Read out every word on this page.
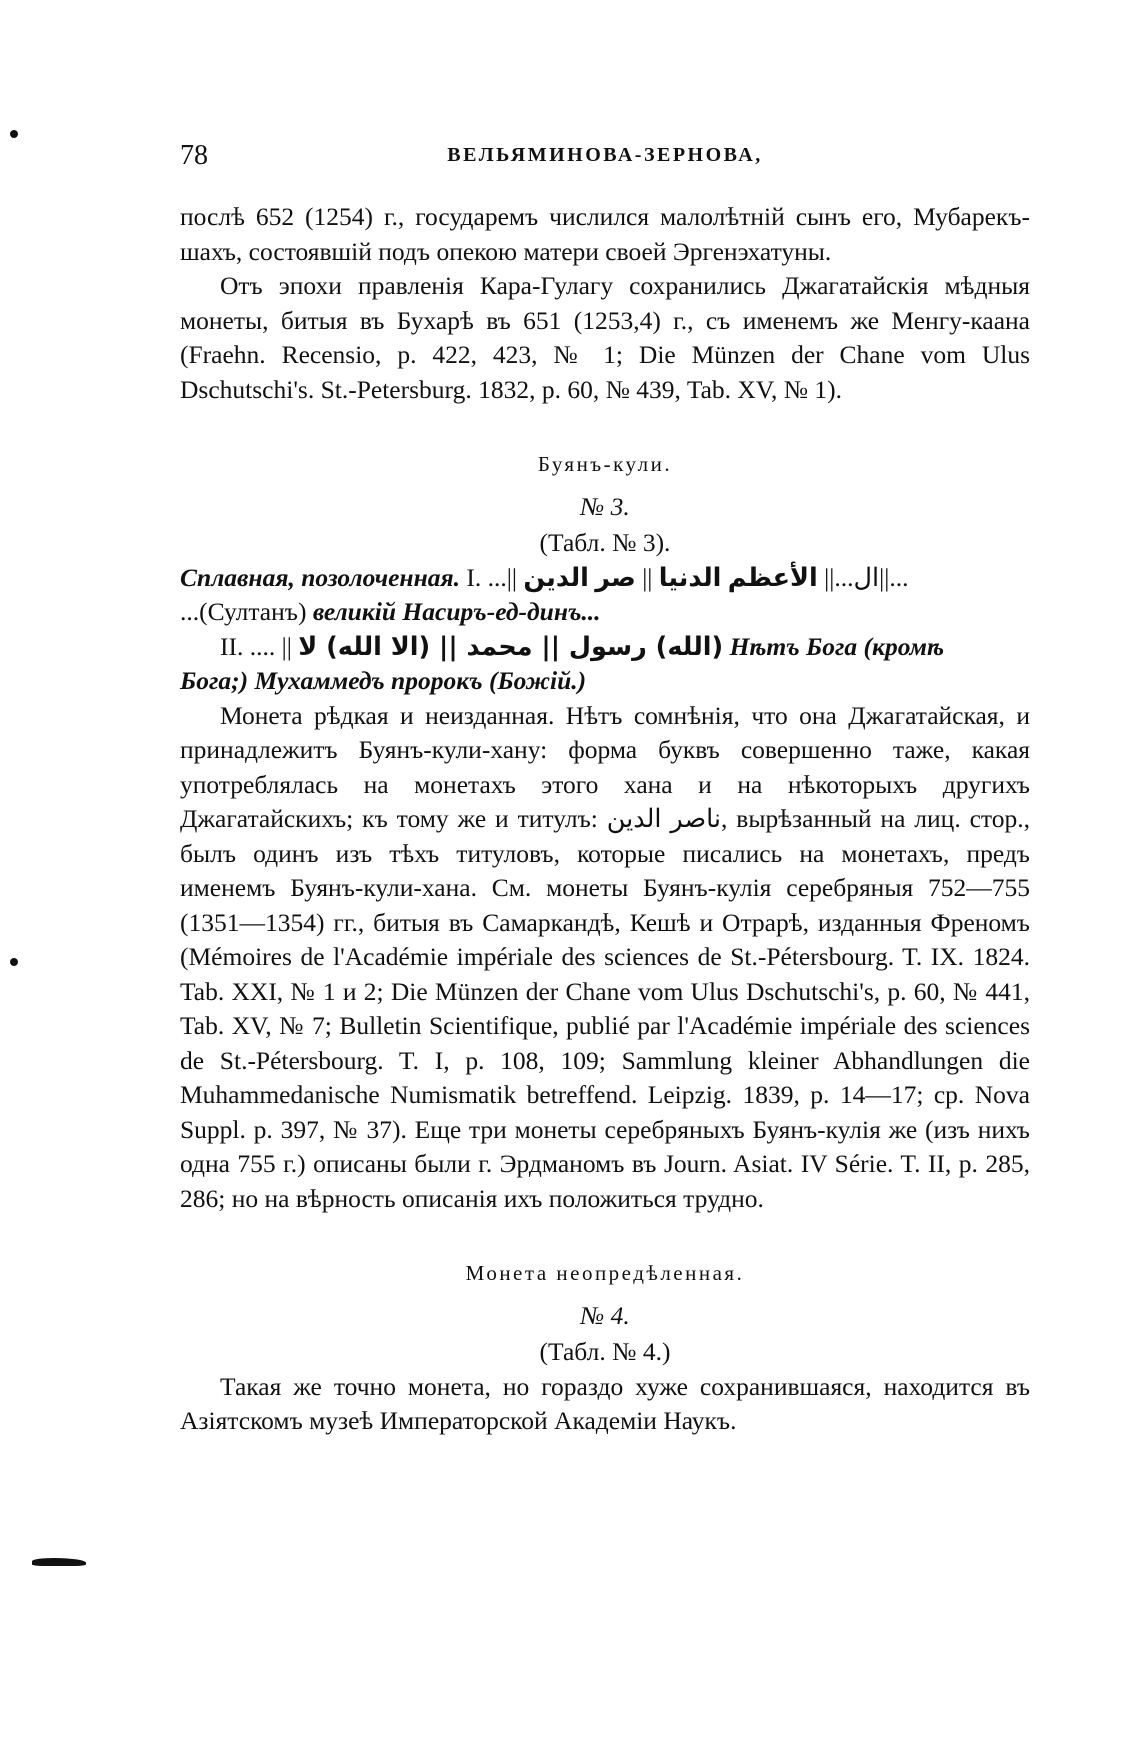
78	ВЕЛЬЯМИНОВА-ЗЕРНОВА,

послѣ 652 (1254) г., государемъ числился малолѣтній сынъ его, Мубарекъ-шахъ, состоявшій подъ опекою матери своей Эргенэхатуны.

Отъ эпохи правленія Кара-Гулагу сохранились Джагатайскія мѣдныя монеты, битыя въ Бухарѣ въ 651 (1253,4) г., съ именемъ же Менгу-каана (Fraehn. Recensio, p. 422, 423, № 1; Die Münzen der Chane vom Ulus Dschutschi's. St.-Petersburg. 1832, p. 60, № 439, Tab. XV, № 1).

Буянъ-кули.
№ 3.
(Табл. № 3).

Сплавная, позолоченная. I. ...|| الدين صر || الدنيا الأعظم ||...ال||...

...(Султанъ) великій Насиръ-ед-динъ...

II. .... || (الله) رسول || محمد || (الا الله) لا Нѣтъ Бога (кромѣ

Бога;) Мухаммедъ пророкъ (Божій.)

Монета рѣдкая и неизданная. Нѣтъ сомнѣнія, что она Джагатайская, и принадлежитъ Буянъ-кули-хану: форма буквъ совершенно таже, какая употреблялась на монетахъ этого хана и на нѣкоторыхъ другихъ Джагатайскихъ; къ тому же и титулъ: ناصر الدين, вырѣзанный на лиц. стор., былъ одинъ изъ тѣхъ титуловъ, которые писались на монетахъ, предъ именемъ Буянъ-кули-хана. См. монеты Буянъ-кулія серебряныя 752—755 (1351—1354) гг., битыя въ Самаркандѣ, Кешѣ и Отрарѣ, изданныя Френомъ (Mémoires de l'Académie impériale des sciences de St.-Pétersbourg. T. IX. 1824. Tab. XXI, № 1 и 2; Die Münzen der Chane vom Ulus Dschutschi's, p. 60, № 441, Tab. XV, № 7; Bulletin Scientifique, publié par l'Académie impériale des sciences de St.-Pétersbourg. T. I, p. 108, 109; Sammlung kleiner Abhandlungen die Muhammedanische Numismatik betreffend. Leipzig. 1839, p. 14—17; cp. Nova Suppl. p. 397, № 37). Еще три монеты серебряныхъ Буянъ-кулія же (изъ нихъ одна 755 г.) описаны были г. Эрдманомъ въ Journ. Asiat. IV Série. T. II, p. 285, 286; но на вѣрность описанія ихъ положиться трудно.

Монета неопредѣленная.
№ 4.
(Табл. № 4.)

Такая же точно монета, но гораздо хуже сохранившаяся, находится въ Азіятскомъ музеѣ Императорской Академіи Наукъ.
